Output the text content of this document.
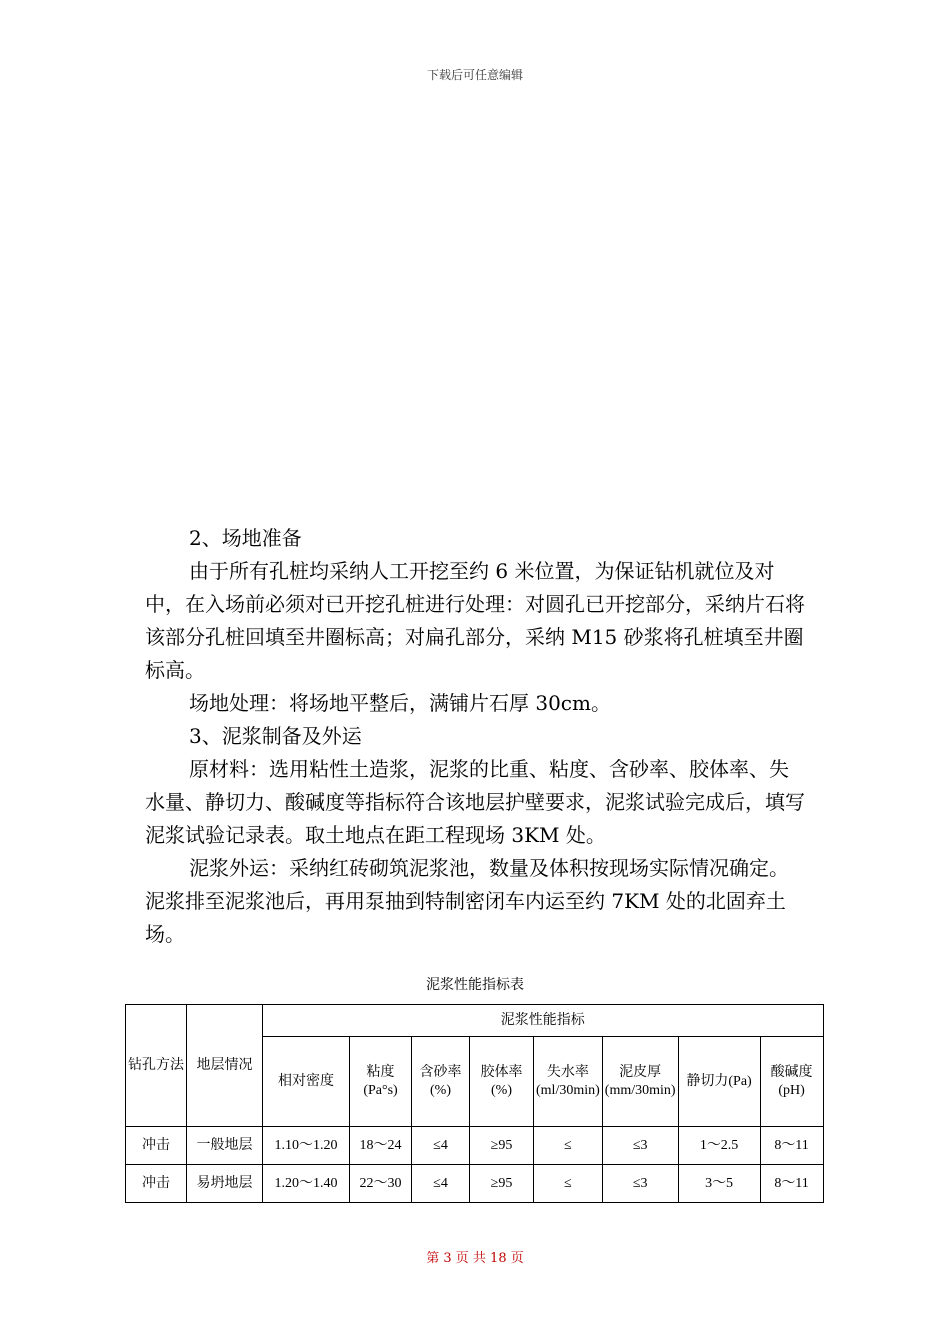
下载后可任意编辑

2、场地准备

由于所有孔桩均采纳人工开挖至约 6 米位置，为保证钻机就位及对中，在入场前必须对已开挖孔桩进行处理：对圆孔已开挖部分，采纳片石将该部分孔桩回填至井圈标高；对扁孔部分，采纳 M15 砂浆将孔桩填至井圈标高。

场地处理：将场地平整后，满铺片石厚 30cm。

3、泥浆制备及外运

原材料：选用粘性土造浆，泥浆的比重、粘度、含砂率、胶体率、失水量、静切力、酸碱度等指标符合该地层护壁要求，泥浆试验完成后，填写泥浆试验记录表。取土地点在距工程现场 3KM 处。

泥浆外运：采纳红砖砌筑泥浆池，数量及体积按现场实际情况确定。泥浆排至泥浆池后，再用泵抽到特制密闭车内运至约 7KM 处的北固弃土场。

泥浆性能指标表
钻孔方法	地层情况	泥浆性能指标							
		相对密度	粘度(Pa°s)	含砂率(%)	胶体率(%)	失水率(ml/30min)	泥皮厚(mm/30min)	静切力(Pa)	酸碱度(pH)
冲击	一般地层	1.10～1.20	18～24	≤4	≥95	≤	≤3	1～2.5	8～11
冲击	易坍地层	1.20～1.40	22～30	≤4	≥95	≤	≤3	3～5	8～11
第 3 页 共 18 页
